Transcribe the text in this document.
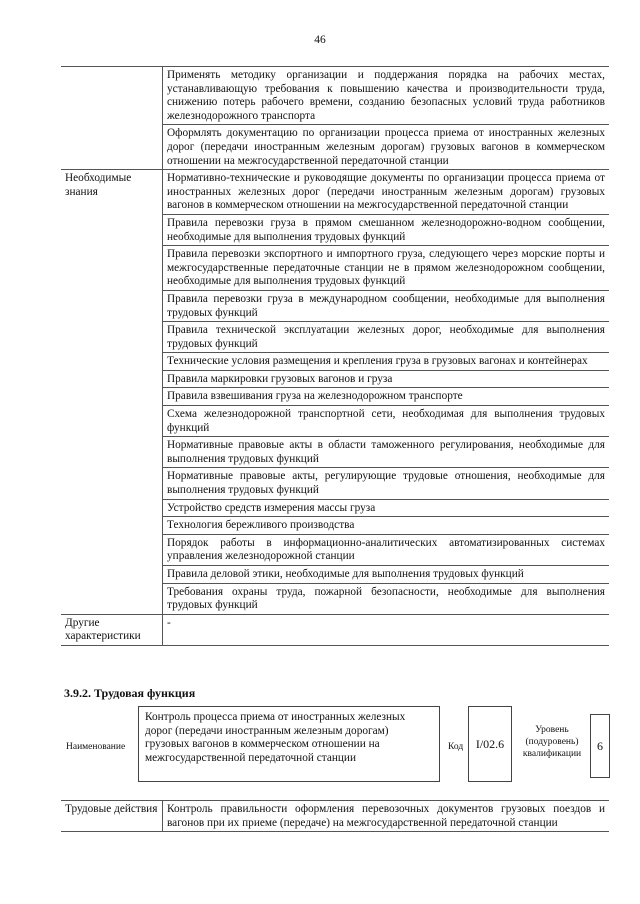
46
	Применять методику организации и поддержания порядка на рабочих местах, устанавливающую требования к повышению качества и производительности труда, снижению потерь рабочего времени, созданию безопасных условий труда работников железнодорожного транспорта
	Оформлять документацию по организации процесса приема от иностранных железных дорог (передачи иностранным железным дорогам) грузовых вагонов в коммерческом отношении на межгосударственной передаточной станции
Необходимые знания	Нормативно-технические и руководящие документы по организации процесса приема от иностранных железных дорог (передачи иностранным железным дорогам) грузовых вагонов в коммерческом отношении на межгосударственной передаточной станции
	Правила перевозки груза в прямом смешанном железнодорожно-водном сообщении, необходимые для выполнения трудовых функций
	Правила перевозки экспортного и импортного груза, следующего через морские порты и межгосударственные передаточные станции не в прямом железнодорожном сообщении, необходимые для выполнения трудовых функций
	Правила перевозки груза в международном сообщении, необходимые для выполнения трудовых функций
	Правила технической эксплуатации железных дорог, необходимые для выполнения трудовых функций
	Технические условия размещения и крепления груза в грузовых вагонах и контейнерах
	Правила маркировки грузовых вагонов и груза
	Правила взвешивания груза на железнодорожном транспорте
	Схема железнодорожной транспортной сети, необходимая для выполнения трудовых функций
	Нормативные правовые акты в области таможенного регулирования, необходимые для выполнения трудовых функций
	Нормативные правовые акты, регулирующие трудовые отношения, необходимые для выполнения трудовых функций
	Устройство средств измерения массы груза
	Технология бережливого производства
	Порядок работы в информационно-аналитических автоматизированных системах управления железнодорожной станции
	Правила деловой этики, необходимые для выполнения трудовых функций
	Требования охраны труда, пожарной безопасности, необходимые для выполнения трудовых функций
Другие характеристики	-
3.9.2. Трудовая функция
Наименование
Контроль процесса приема от иностранных железных дорог (передачи иностранным железным дорогам) грузовых вагонов в коммерческом отношении на межгосударственной передаточной станции
Код	I/02.6
Уровень (подуровень) квалификации
6
Трудовые действия	Контроль правильности оформления перевозочных документов грузовых поездов и вагонов при их приеме (передаче) на межгосударственной передаточной станции
